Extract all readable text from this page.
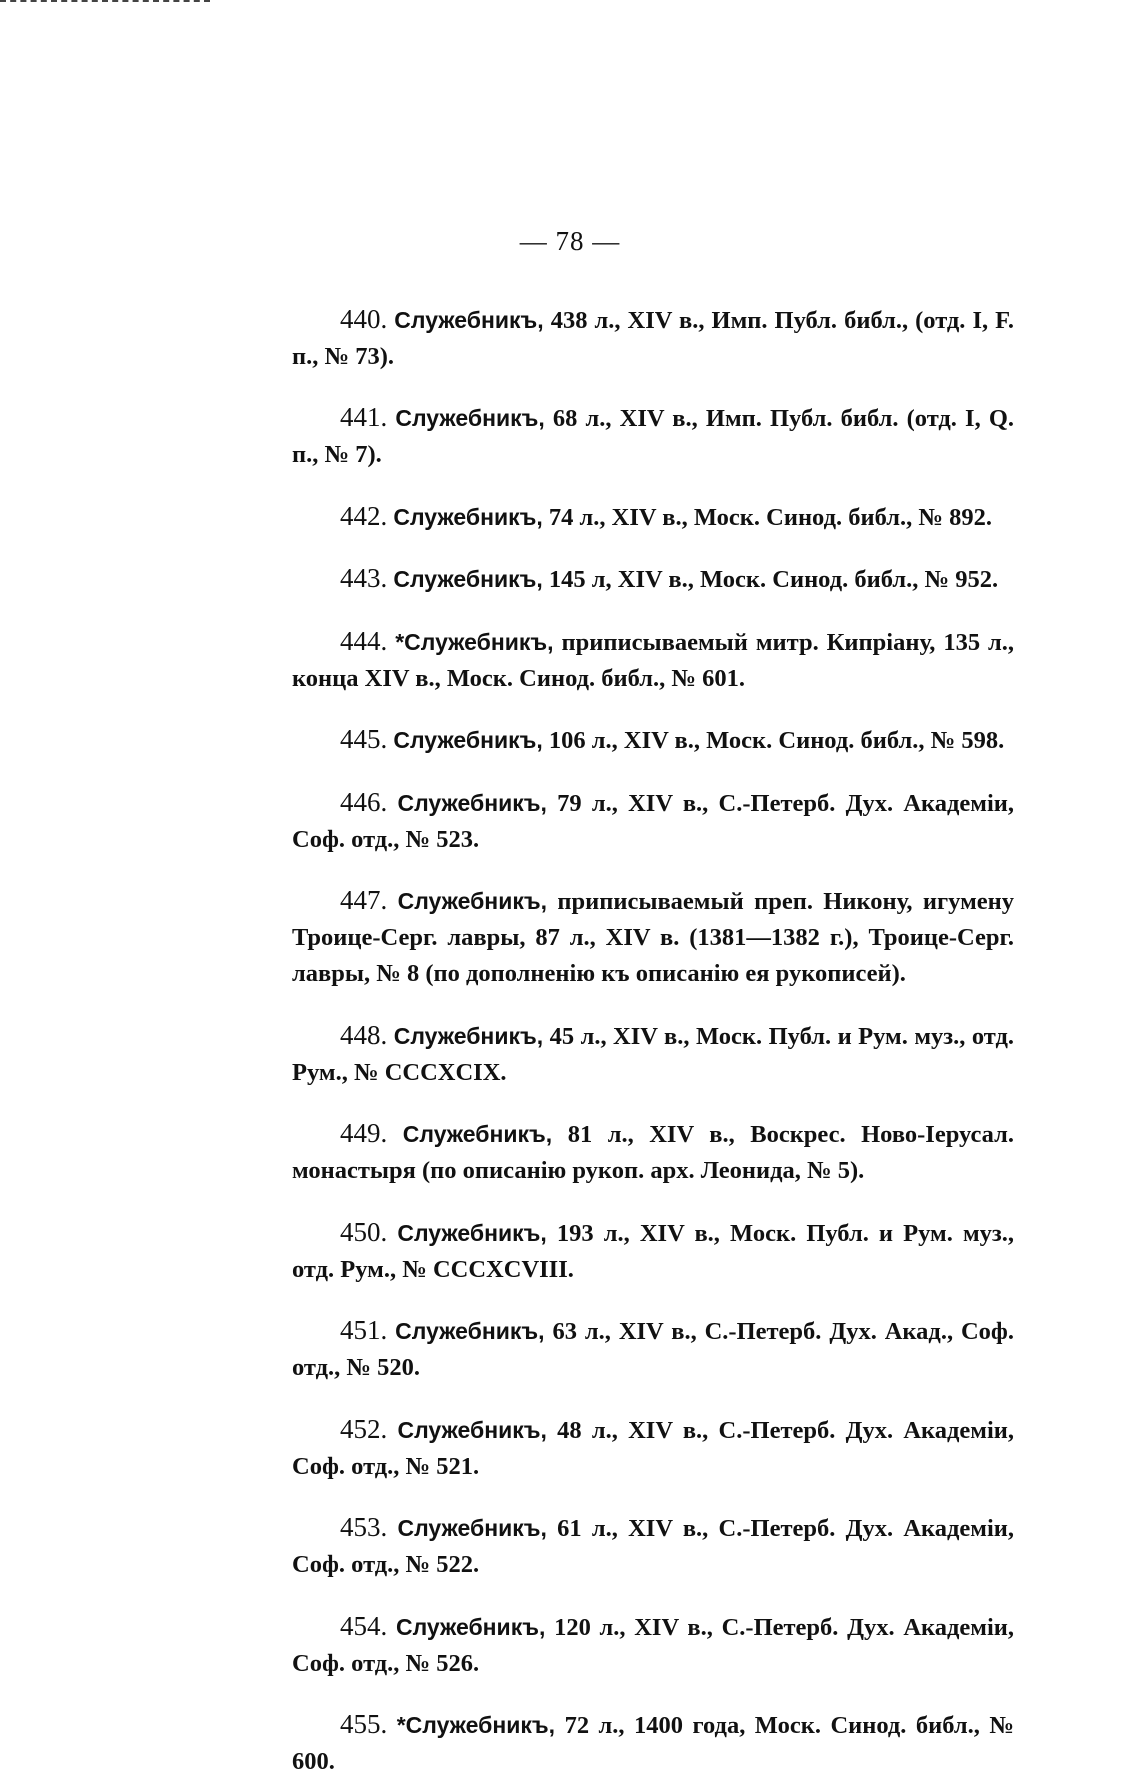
— 78 —

440. Служебникъ, 438 л., XIV в., Имп. Публ. библ., (отд. I, F. п., № 73).

441. Служебникъ, 68 л., XIV в., Имп. Публ. библ. (отд. I, Q. п., № 7).

442. Служебникъ, 74 л., XIV в., Моск. Синод. библ., № 892.

443. Служебникъ, 145 л, XIV в., Моск. Синод. библ., № 952.

444. *Служебникъ, приписываемый митр. Кипріану, 135 л., конца XIV в., Моск. Синод. библ., № 601.

445. Служебникъ, 106 л., XIV в., Моск. Синод. библ., № 598.

446. Служебникъ, 79 л., XIV в., С.-Петерб. Дух. Академіи, Соф. отд., № 523.

447. Служебникъ, приписываемый преп. Никону, игумену Троице-Серг. лавры, 87 л., XIV в. (1381—1382 г.), Троице-Серг. лавры, № 8 (по дополненію къ описанію ея рукописей).

448. Служебникъ, 45 л., XIV в., Моск. Публ. и Рум. муз., отд. Рум., № CCCXCIX.

449. Служебникъ, 81 л., XIV в., Воскрес. Ново-Іерусал. монастыря (по описанію рукоп. арх. Леонида, № 5).

450. Служебникъ, 193 л., XIV в., Моск. Публ. и Рум. муз., отд. Рум., № CCCXCVIII.

451. Служебникъ, 63 л., XIV в., С.-Петерб. Дух. Акад., Соф. отд., № 520.

452. Служебникъ, 48 л., XIV в., С.-Петерб. Дух. Академіи, Соф. отд., № 521.

453. Служебникъ, 61 л., XIV в., С.-Петерб. Дух. Академіи, Соф. отд., № 522.

454. Служебникъ, 120 л., XIV в., С.-Петерб. Дух. Академіи, Соф. отд., № 526.

455. *Служебникъ, 72 л., 1400 года, Моск. Синод. библ., № 600.
